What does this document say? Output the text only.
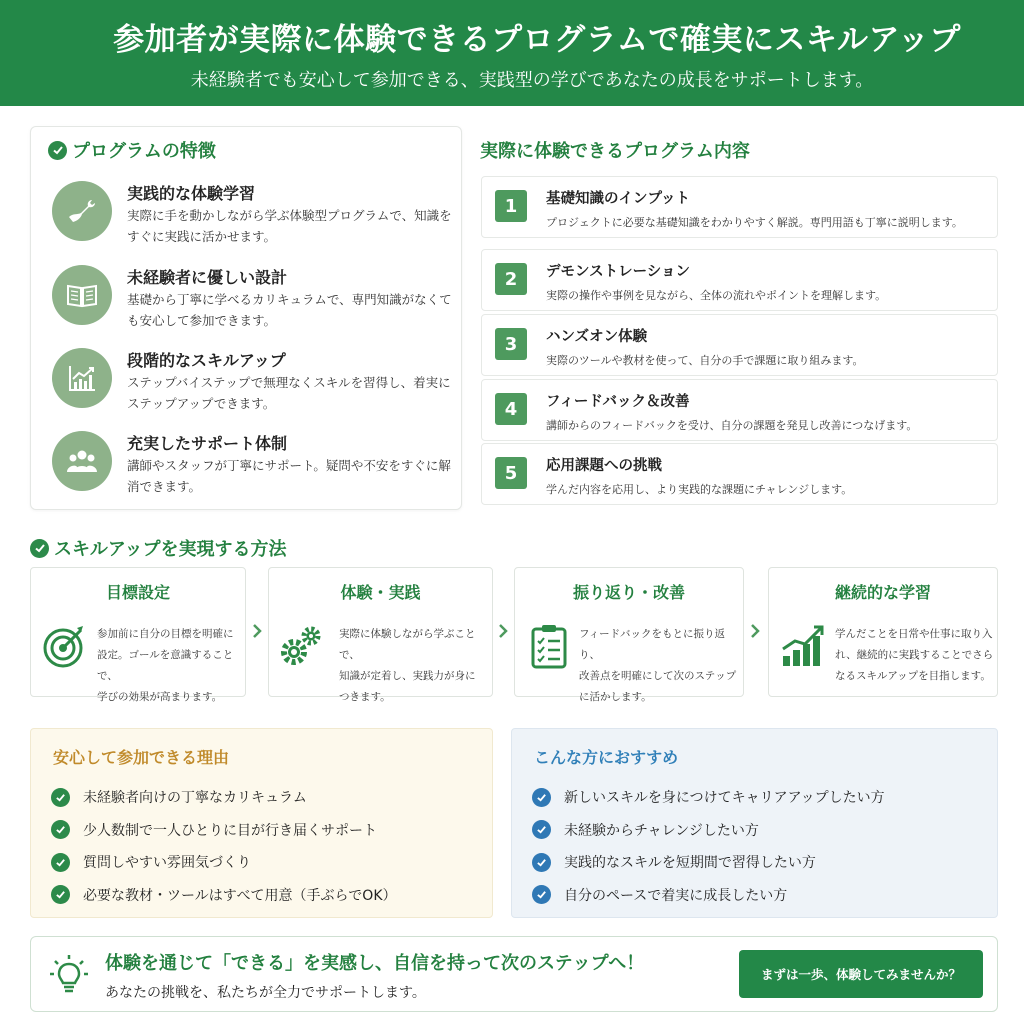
参加者が実際に体験できるプログラムで確実にスキルアップ
未経験者でも安心して参加できる、実践型の学びであなたの成長をサポートします。
プログラムの特徴
実践的な体験学習
実際に手を動かしながら学ぶ体験型プログラムで、知識をすぐに実践に活かせます。
未経験者に優しい設計
基礎から丁寧に学べるカリキュラムで、専門知識がなくても安心して参加できます。
段階的なスキルアップ
ステップバイステップで無理なくスキルを習得し、着実にステップアップできます。
充実したサポート体制
講師やスタッフが丁寧にサポート。疑問や不安をすぐに解消できます。
実際に体験できるプログラム内容
1	基礎知識のインプット
プロジェクトに必要な基礎知識をわかりやすく解説。専門用語も丁寧に説明します。
2	デモンストレーション
実際の操作や事例を見ながら、全体の流れやポイントを理解します。
3	ハンズオン体験
実際のツールや教材を使って、自分の手で課題に取り組みます。
4	フィードバック＆改善
講師からのフィードバックを受け、自分の課題を発見し改善につなげます。
5	応用課題への挑戦
学んだ内容を応用し、より実践的な課題にチャレンジします。
スキルアップを実現する方法
目標設定
参加前に自分の目標を明確に
設定。ゴールを意識することで、
学びの効果が高まります。
体験・実践
実際に体験しながら学ぶことで、
知識が定着し、実践力が身に
つきます。
振り返り・改善
フィードバックをもとに振り返り、
改善点を明確にして次のステップ
に活かします。
継続的な学習
学んだことを日常や仕事に取り入
れ、継続的に実践することでさら
なるスキルアップを目指します。
安心して参加できる理由
未経験者向けの丁寧なカリキュラム
少人数制で一人ひとりに目が行き届くサポート
質問しやすい雰囲気づくり
必要な教材・ツールはすべて用意（手ぶらでOK）
こんな方におすすめ
新しいスキルを身につけてキャリアアップしたい方
未経験からチャレンジしたい方
実践的なスキルを短期間で習得したい方
自分のペースで着実に成長したい方
体験を通じて「できる」を実感し、自信を持って次のステップへ！
あなたの挑戦を、私たちが全力でサポートします。
まずは一歩、体験してみませんか？
